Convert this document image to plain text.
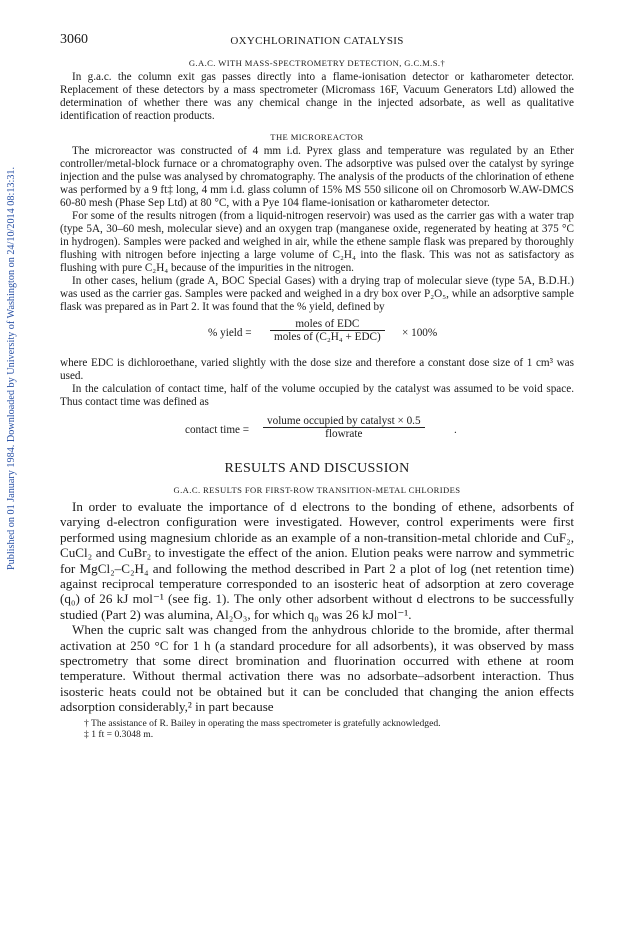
Published on 01 January 1984. Downloaded by University of Washington on 24/10/2014 08:13:31.
3060	OXYCHLORINATION CATALYSIS
G.A.C. WITH MASS-SPECTROMETRY DETECTION, G.C.M.S.†

In g.a.c. the column exit gas passes directly into a flame-ionisation detector or katharometer detector. Replacement of these detectors by a mass spectrometer (Micromass 16F, Vacuum Generators Ltd) allowed the determination of whether there was any chemical change in the injected adsorbate, as well as qualitative identification of reaction products.

THE MICROREACTOR

The microreactor was constructed of 4 mm i.d. Pyrex glass and temperature was regulated by an Ether controller/metal-block furnace or a chromatography oven. The adsorptive was pulsed over the catalyst by syringe injection and the pulse was analysed by chromatography. The analysis of the products of the chlorination of ethene was performed by a 9 ft‡ long, 4 mm i.d. glass column of 15% MS 550 silicone oil on Chromosorb W.AW-DMCS 60-80 mesh (Phase Sep Ltd) at 80 °C, with a Pye 104 flame-ionisation or katharometer detector.

For some of the results nitrogen (from a liquid-nitrogen reservoir) was used as the carrier gas with a water trap (type 5A, 30–60 mesh, molecular sieve) and an oxygen trap (manganese oxide, regenerated by heating at 375 °C in hydrogen). Samples were packed and weighed in air, while the ethene sample flask was prepared by thoroughly flushing with nitrogen before injecting a large volume of C₂H₄ into the flask. This was not as satisfactory as flushing with pure C₂H₄ because of the impurities in the nitrogen.

In other cases, helium (grade A, BOC Special Gases) with a drying trap of molecular sieve (type 5A, B.D.H.) was used as the carrier gas. Samples were packed and weighed in a dry box over P₂O₅, while an adsorptive sample flask was prepared as in Part 2. It was found that the % yield, defined by

% yield =
moles of EDC
moles of (C₂H₄ + EDC)	× 100%

where EDC is dichloroethane, varied slightly with the dose size and therefore a constant dose size of 1 cm³ was used.

In the calculation of contact time, half of the volume occupied by the catalyst was assumed to be void space. Thus contact time was defined as

contact time =
volume occupied by catalyst × 0.5
flowrate	.
RESULTS AND DISCUSSION
G.A.C. RESULTS FOR FIRST-ROW TRANSITION-METAL CHLORIDES

In order to evaluate the importance of d electrons to the bonding of ethene, adsorbents of varying d-electron configuration were investigated. However, control experiments were first performed using magnesium chloride as an example of a non-transition-metal chloride and CuF₂, CuCl₂ and CuBr₂ to investigate the effect of the anion. Elution peaks were narrow and symmetric for MgCl₂–C₂H₄ and following the method described in Part 2 a plot of log (net retention time) against reciprocal temperature corresponded to an isosteric heat of adsorption at zero coverage (q₀) of 26 kJ mol⁻¹ (see fig. 1). The only other adsorbent without d electrons to be successfully studied (Part 2) was alumina, Al₂O₃, for which q₀ was 26 kJ mol⁻¹.

When the cupric salt was changed from the anhydrous chloride to the bromide, after thermal activation at 250 °C for 1 h (a standard procedure for all adsorbents), it was observed by mass spectrometry that some direct bromination and fluorination occurred with ethene at room temperature. Without thermal activation there was no adsorbate–adsorbent interaction. Thus isosteric heats could not be obtained but it can be concluded that changing the anion effects adsorption considerably,² in part because

† The assistance of R. Bailey in operating the mass spectrometer is gratefully acknowledged.

‡ 1 ft = 0.3048 m.
